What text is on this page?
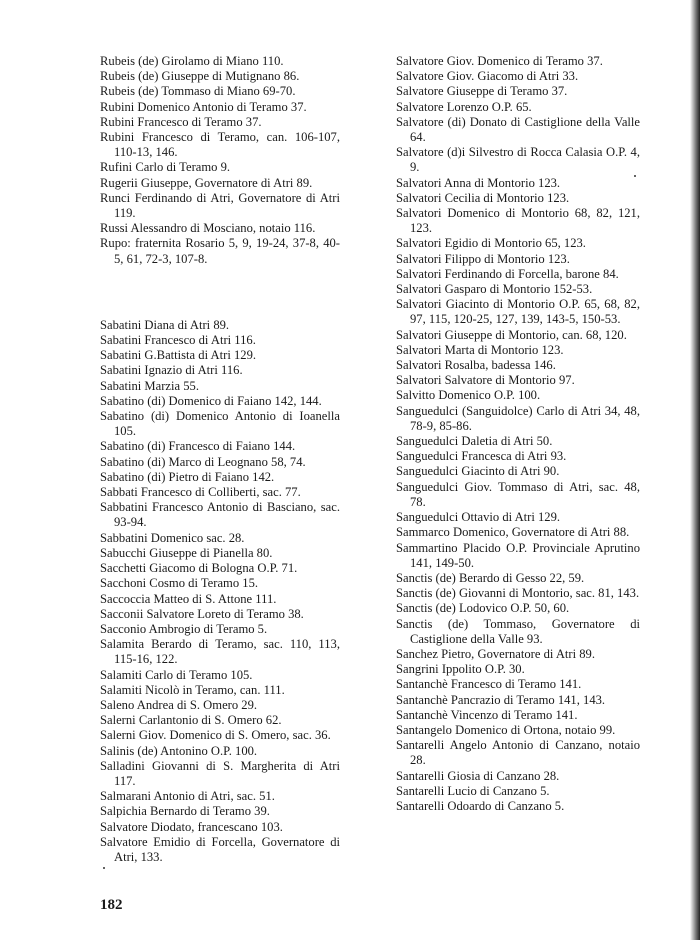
Rubeis (de) Girolamo di Miano 110.

Rubeis (de) Giuseppe di Mutignano 86.

Rubeis (de) Tommaso di Miano 69-70.

Rubini Domenico Antonio di Teramo 37.

Rubini Francesco di Teramo 37.

Rubini Francesco di Teramo, can. 106-107, 110-13, 146.

Rufini Carlo di Teramo 9.

Rugerii Giuseppe, Governatore di Atri 89.

Runci Ferdinando di Atri, Governatore di Atri 119.

Russi Alessandro di Mosciano, notaio 116.

Rupo: fraternita Rosario 5, 9, 19-24, 37-8, 40-5, 61, 72-3, 107-8.

Sabatini Diana di Atri 89.

Sabatini Francesco di Atri 116.

Sabatini G.Battista di Atri 129.

Sabatini Ignazio di Atri 116.

Sabatini Marzia 55.

Sabatino (di) Domenico di Faiano 142, 144.

Sabatino (di) Domenico Antonio di Ioanella 105.

Sabatino (di) Francesco di Faiano 144.

Sabatino (di) Marco di Leognano 58, 74.

Sabatino (di) Pietro di Faiano 142.

Sabbati Francesco di Colliberti, sac. 77.

Sabbatini Francesco Antonio di Basciano, sac. 93-94.

Sabbatini Domenico sac. 28.

Sabucchi Giuseppe di Pianella 80.

Sacchetti Giacomo di Bologna O.P. 71.

Sacchoni Cosmo di Teramo 15.

Saccoccia Matteo di S. Attone 111.

Sacconii Salvatore Loreto di Teramo 38.

Sacconio Ambrogio di Teramo 5.

Salamita Berardo di Teramo, sac. 110, 113, 115-16, 122.

Salamiti Carlo di Teramo 105.

Salamiti Nicolò in Teramo, can. 111.

Saleno Andrea di S. Omero 29.

Salerni Carlantonio di S. Omero 62.

Salerni Giov. Domenico di S. Omero, sac. 36.

Salinis (de) Antonino O.P. 100.

Salladini Giovanni di S. Margherita di Atri 117.

Salmarani Antonio di Atri, sac. 51.

Salpichia Bernardo di Teramo 39.

Salvatore Diodato, francescano 103.

Salvatore Emidio di Forcella, Governatore di Atri, 133.

Salvatore Giov. Domenico di Teramo 37.

Salvatore Giov. Giacomo di Atri 33.

Salvatore Giuseppe di Teramo 37.

Salvatore Lorenzo O.P. 65.

Salvatore (di) Donato di Castiglione della Valle 64.

Salvatore (d)i Silvestro di Rocca Calasia O.P. 4, 9.

Salvatori Anna di Montorio 123.

Salvatori Cecilia di Montorio 123.

Salvatori Domenico di Montorio 68, 82, 121, 123.

Salvatori Egidio di Montorio 65, 123.

Salvatori Filippo di Montorio 123.

Salvatori Ferdinando di Forcella, barone 84.

Salvatori Gasparo di Montorio 152-53.

Salvatori Giacinto di Montorio O.P. 65, 68, 82, 97, 115, 120-25, 127, 139, 143-5, 150-53.

Salvatori Giuseppe di Montorio, can. 68, 120.

Salvatori Marta di Montorio 123.

Salvatori Rosalba, badessa 146.

Salvatori Salvatore di Montorio 97.

Salvitto Domenico O.P. 100.

Sanguedulci (Sanguidolce) Carlo di Atri 34, 48, 78-9, 85-86.

Sanguedulci Daletia di Atri 50.

Sanguedulci Francesca di Atri 93.

Sanguedulci Giacinto di Atri 90.

Sanguedulci Giov. Tommaso di Atri, sac. 48, 78.

Sanguedulci Ottavio di Atri 129.

Sammarco Domenico, Governatore di Atri 88.

Sammartino Placido O.P. Provinciale Aprutino 141, 149-50.

Sanctis (de) Berardo di Gesso 22, 59.

Sanctis (de) Giovanni di Montorio, sac. 81, 143.

Sanctis (de) Lodovico O.P. 50, 60.

Sanctis (de) Tommaso, Governatore di Castiglione della Valle 93.

Sanchez Pietro, Governatore di Atri 89.

Sangrini Ippolito O.P. 30.

Santanchè Francesco di Teramo 141.

Santanchè Pancrazio di Teramo 141, 143.

Santanchè Vincenzo di Teramo 141.

Santangelo Domenico di Ortona, notaio 99.

Santarelli Angelo Antonio di Canzano, notaio 28.

Santarelli Giosia di Canzano 28.

Santarelli Lucio di Canzano 5.

Santarelli Odoardo di Canzano 5.

182
